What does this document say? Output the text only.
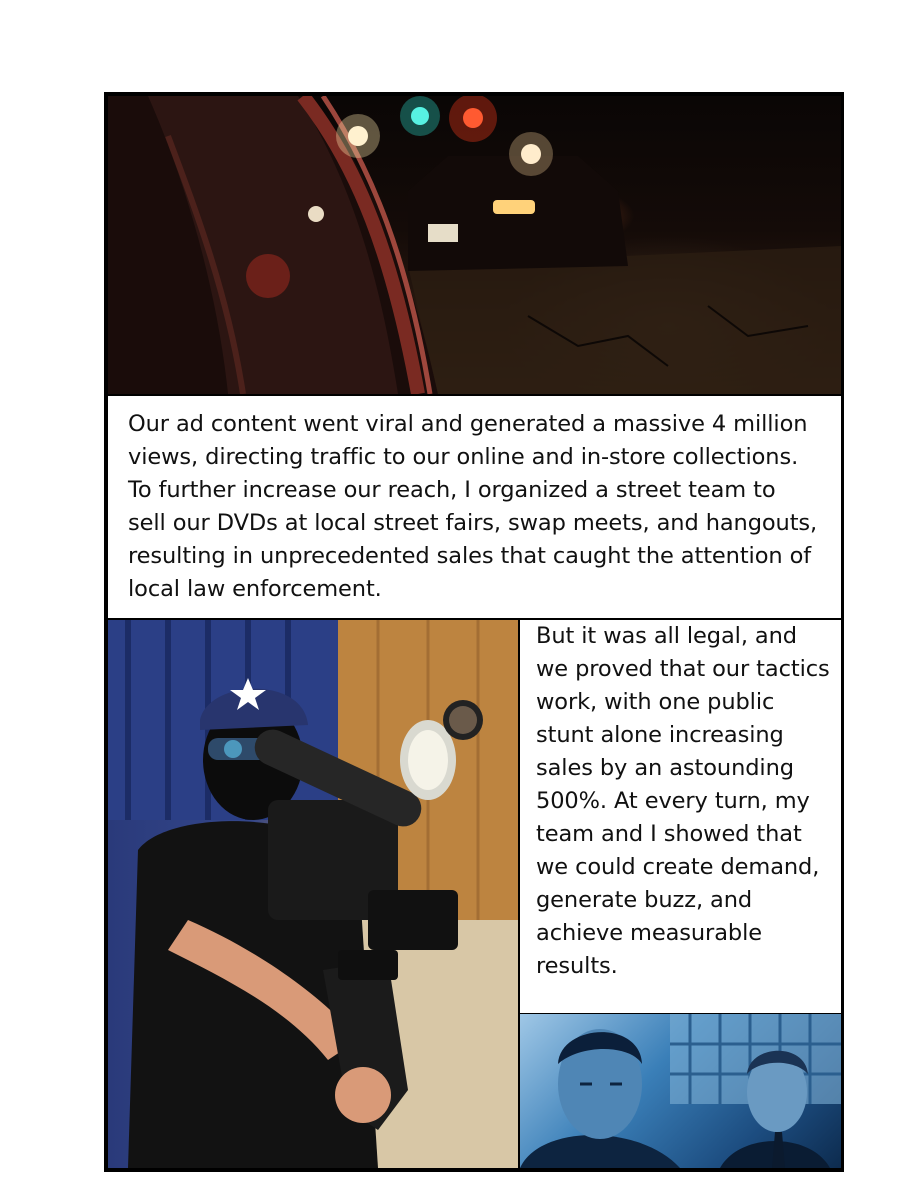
Our ad content went viral and generated a massive 4 million views, directing traffic to our online and in-store collections. To further increase our reach, I organized a street team to sell our DVDs at local street fairs, swap meets, and hangouts, resulting in unprecedented sales that caught the attention of local law enforcement.

But it was all legal, and we proved that our tactics work, with one public stunt alone increasing sales by an astounding 500%. At every turn, my team and I showed that we could create demand, generate buzz, and achieve measurable results.
